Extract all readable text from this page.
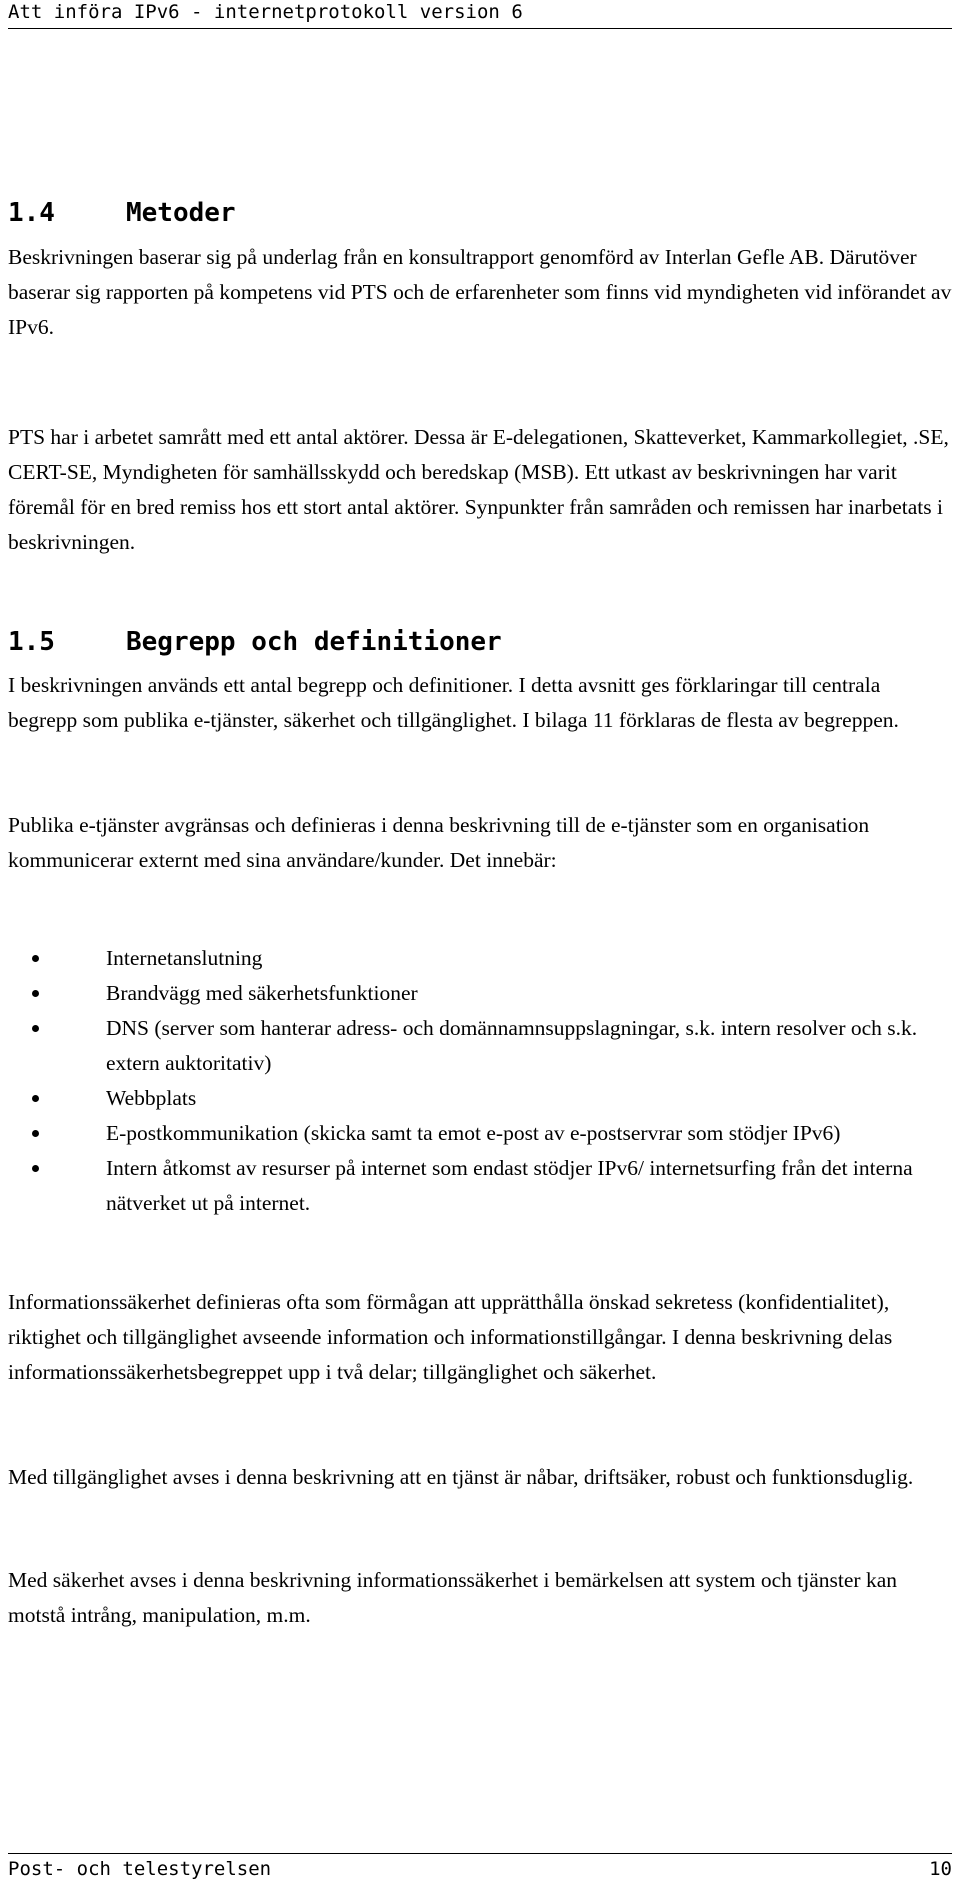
Att införa IPv6 - internetprotokoll version 6
1.4	Metoder

Beskrivningen baserar sig på underlag från en konsultrapport genomförd av Interlan Gefle AB. Därutöver baserar sig rapporten på kompetens vid PTS och de erfarenheter som finns vid myndigheten vid införandet av IPv6.

PTS har i arbetet samrått med ett antal aktörer. Dessa är E-delegationen, Skatteverket, Kammarkollegiet, .SE, CERT-SE, Myndigheten för samhällsskydd och beredskap (MSB). Ett utkast av beskrivningen har varit föremål för en bred remiss hos ett stort antal aktörer. Synpunkter från samråden och remissen har inarbetats i beskrivningen.

1.5	Begrepp och definitioner

I beskrivningen används ett antal begrepp och definitioner. I detta avsnitt ges förklaringar till centrala begrepp som publika e-tjänster, säkerhet och tillgänglighet. I bilaga 11 förklaras de flesta av begreppen.

Publika e-tjänster avgränsas och definieras i denna beskrivning till de e-tjänster som en organisation kommunicerar externt med sina användare/kunder. Det innebär:

Internetanslutning
Brandvägg med säkerhetsfunktioner
DNS (server som hanterar adress- och domännamnsuppslagningar, s.k. intern resolver och s.k. extern auktoritativ)
Webbplats
E-postkommunikation (skicka samt ta emot e-post av e-postservrar som stödjer IPv6)
Intern åtkomst av resurser på internet som endast stödjer IPv6/ internetsurfing från det interna nätverket ut på internet.

Informationssäkerhet definieras ofta som förmågan att upprätthålla önskad sekretess (konfidentialitet), riktighet och tillgänglighet avseende information och informationstillgångar. I denna beskrivning delas informationssäkerhetsbegreppet upp i två delar; tillgänglighet och säkerhet.

Med tillgänglighet avses i denna beskrivning att en tjänst är nåbar, driftsäker, robust och funktionsduglig.

Med säkerhet avses i denna beskrivning informationssäkerhet i bemärkelsen att system och tjänster kan motstå intrång, manipulation, m.m.

Post- och telestyrelsen	10
